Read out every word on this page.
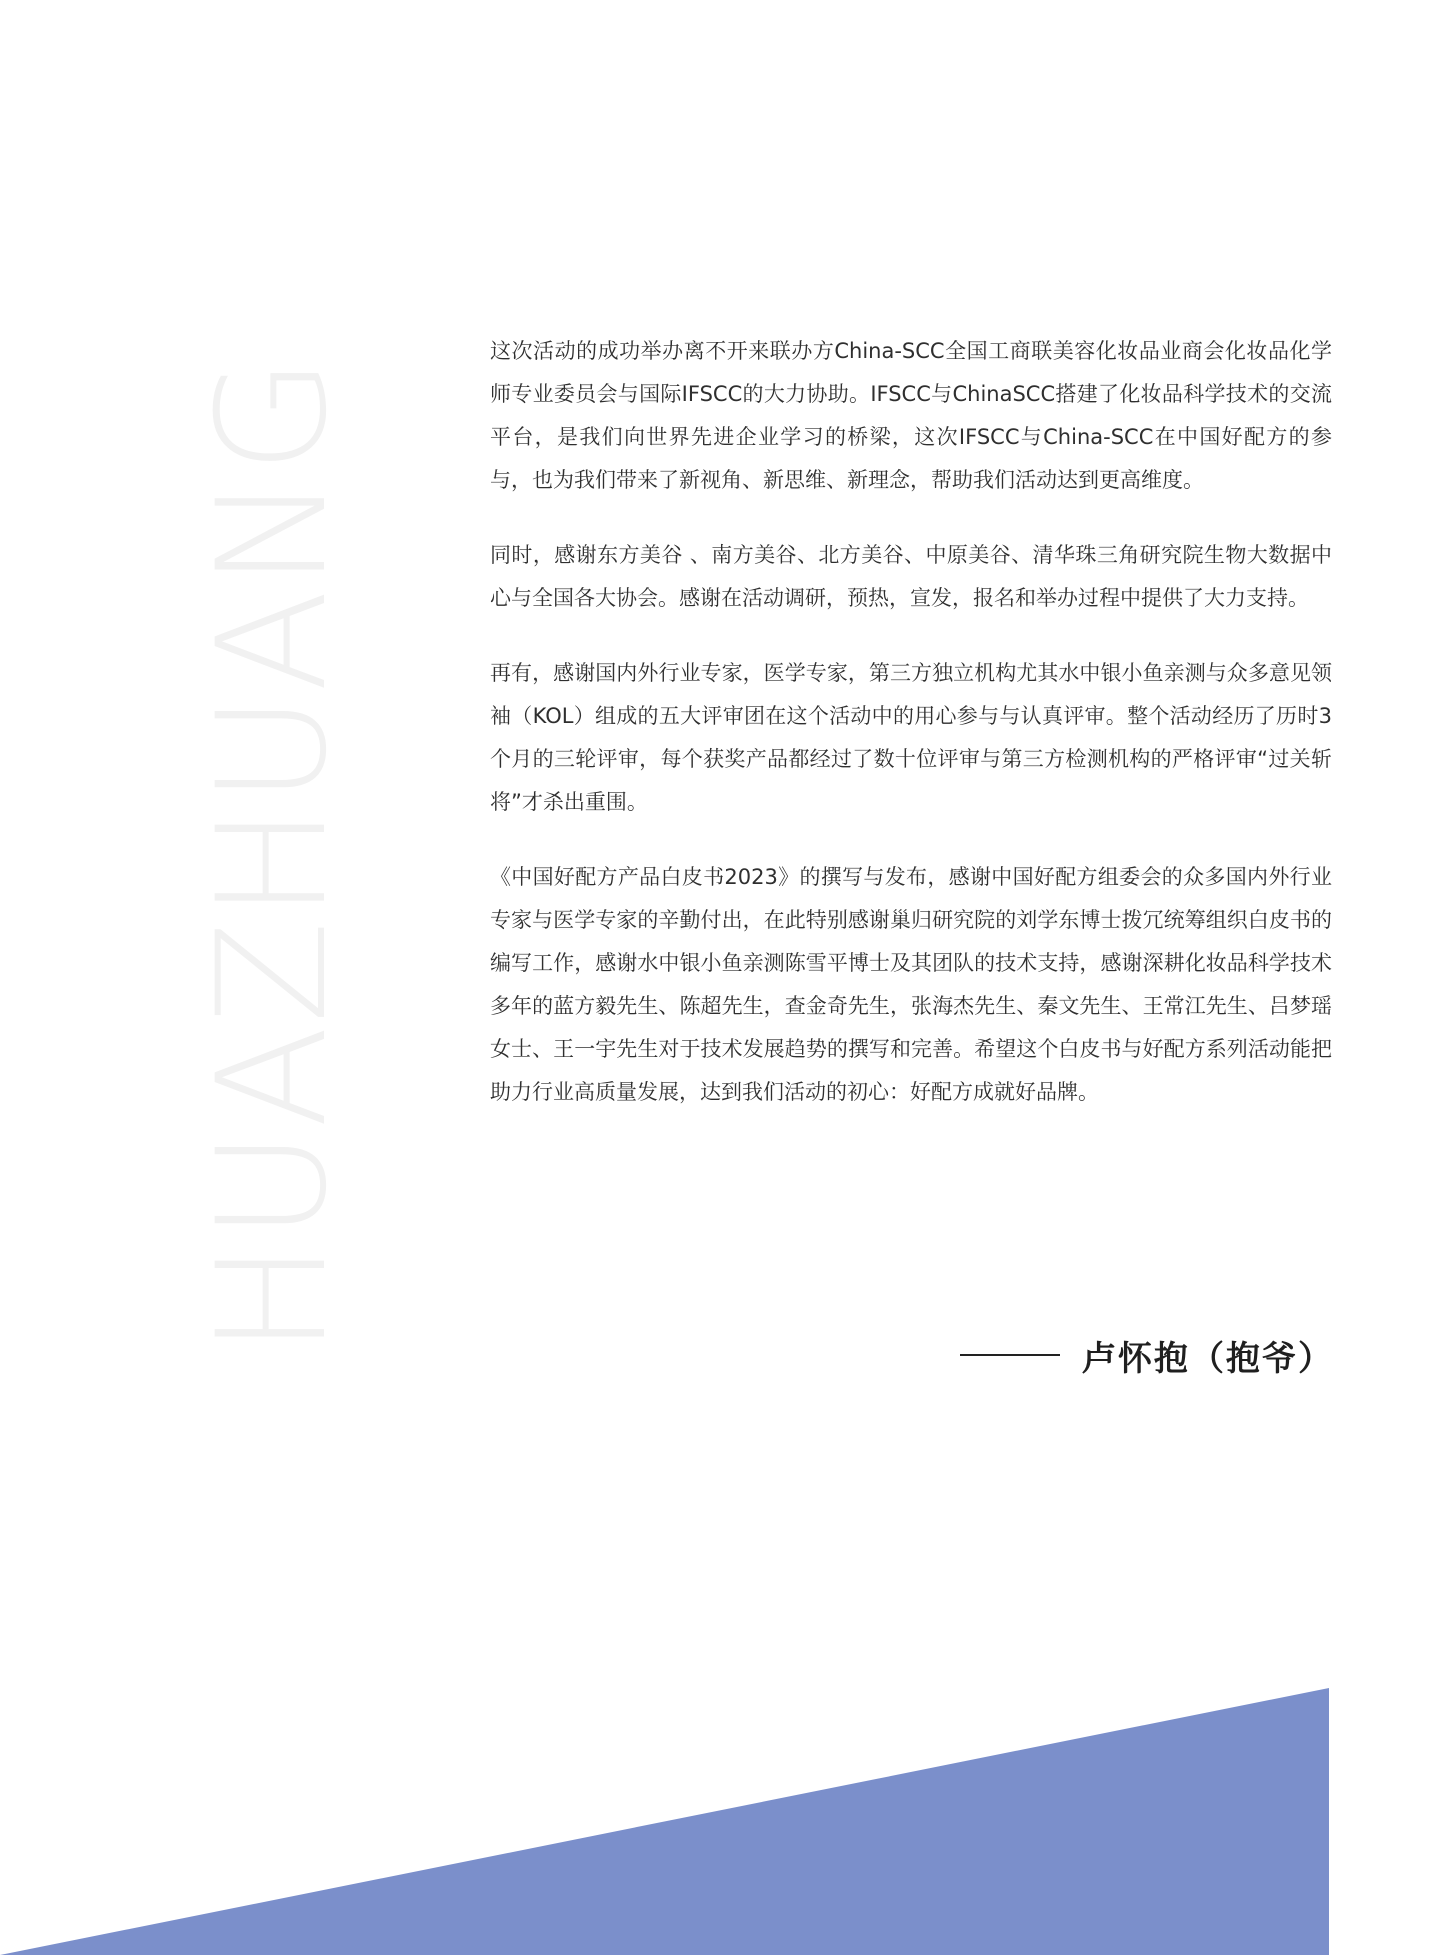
HUAZHUANG

这次活动的成功举办离不开来联办方China-SCC全国工商联美容化妆品业商会化妆品化学师专业委员会与国际IFSCC的大力协助。IFSCC与ChinaSCC搭建了化妆品科学技术的交流平台，是我们向世界先进企业学习的桥梁，这次IFSCC与China-SCC在中国好配方的参与，也为我们带来了新视角、新思维、新理念，帮助我们活动达到更高维度。

同时，感谢东方美谷 、南方美谷、北方美谷、中原美谷、清华珠三角研究院生物大数据中心与全国各大协会。感谢在活动调研，预热，宣发，报名和举办过程中提供了大力支持。

再有，感谢国内外行业专家，医学专家，第三方独立机构尤其水中银小鱼亲测与众多意见领袖（KOL）组成的五大评审团在这个活动中的用心参与与认真评审。整个活动经历了历时3个月的三轮评审，每个获奖产品都经过了数十位评审与第三方检测机构的严格评审“过关斩将”才杀出重围。

《中国好配方产品白皮书2023》的撰写与发布，感谢中国好配方组委会的众多国内外行业专家与医学专家的辛勤付出，在此特别感谢巢归研究院的刘学东博士拨冗统筹组织白皮书的编写工作，感谢水中银小鱼亲测陈雪平博士及其团队的技术支持，感谢深耕化妆品科学技术多年的蓝方毅先生、陈超先生，查金奇先生，张海杰先生、秦文先生、王常江先生、吕梦瑶女士、王一宇先生对于技术发展趋势的撰写和完善。希望这个白皮书与好配方系列活动能把助力行业高质量发展，达到我们活动的初心：好配方成就好品牌。

卢怀抱（抱爷）
